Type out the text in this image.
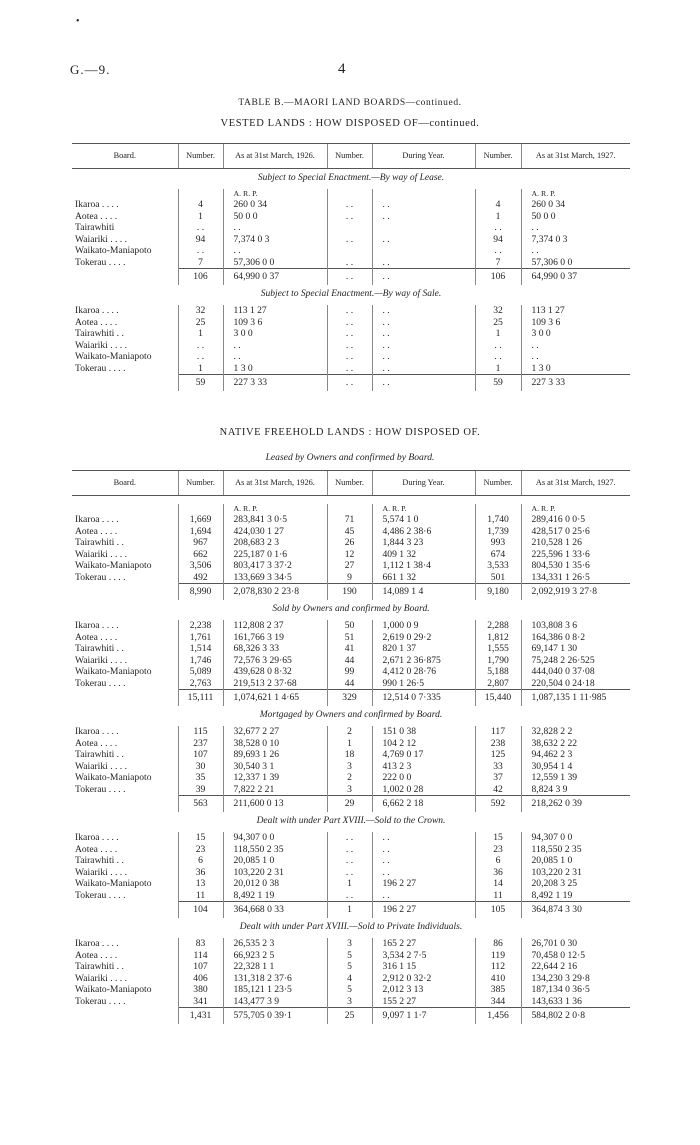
•
G.—9.	4
TABLE B.—MAORI LAND BOARDS—continued.
VESTED LANDS : HOW DISPOSED OF—continued.
Board.	Number.	As at 31st March, 1926.	Number.	During Year.	Number.	As at 31st March, 1927.
Subject to Special Enactment.—By way of Lease.						
		A. R. P.				A. R. P.
Ikaroa . . . .	4	260 0 34	. .	. .	4	260 0 34
Aotea . . . .	1	50 0 0	. .	. .	1	50 0 0
Tairawhiti	. .	. .			. .	. .
Waiariki . . . .	94	7,374 0 3	. .	. .	94	7,374 0 3
Waikato-Maniapoto	. .	. .			. .	. .
Tokerau . . . .	7	57,306 0 0	. .	. .	7	57,306 0 0
	106	64,990 0 37	. .	. .	106	64,990 0 37
Subject to Special Enactment.—By way of Sale.						
Ikaroa . . . .	32	113 1 27	. .	. .	32	113 1 27
Aotea . . . .	25	109 3 6	. .	. .	25	109 3 6
Tairawhiti . .	1	3 0 0	. .	. .	1	3 0 0
Waiariki . . . .	. .	. .	. .	. .	. .	. .
Waikato-Maniapoto	. .	. .	. .	. .	. .	. .
Tokerau . . . .	1	1 3 0	. .	. .	1	1 3 0
	59	227 3 33	. .	. .	59	227 3 33
NATIVE FREEHOLD LANDS : HOW DISPOSED OF.
Leased by Owners and confirmed by Board.
Board.	Number.	As at 31st March, 1926.	Number.	During Year.	Number.	As at 31st March, 1927.

		A. R. P.		A. R. P.		A. R. P.
Ikaroa . . . .	1,669	283,841 3 0·5	71	5,574 1 0	1,740	289,416 0 0·5
Aotea . . . .	1,694	424,030 1 27	45	4,486 2 38·6	1,739	428,517 0 25·6
Tairawhiti . .	967	208,683 2 3	26	1,844 3 23	993	210,528 1 26
Waiariki . . . .	662	225,187 0 1·6	12	409 1 32	674	225,596 1 33·6
Waikato-Maniapoto	3,506	803,417 3 37·2	27	1,112 1 38·4	3,533	804,530 1 35·6
Tokerau . . . .	492	133,669 3 34·5	9	661 1 32	501	134,331 1 26·5
	8,990	2,078,830 2 23·8	190	14,089 1 4	9,180	2,092,919 3 27·8
Sold by Owners and confirmed by Board.						
Ikaroa . . . .	2,238	112,808 2 37	50	1,000 0 9	2,288	103,808 3 6
Aotea . . . .	1,761	161,766 3 19	51	2,619 0 29·2	1,812	164,386 0 8·2
Tairawhiti . .	1,514	68,326 3 33	41	820 1 37	1,555	69,147 1 30
Waiariki . . . .	1,746	72,576 3 29·65	44	2,671 2 36·875	1,790	75,248 2 26·525
Waikato-Maniapoto	5,089	439,628 0 8·32	99	4,412 0 28·76	5,188	444,040 0 37·08
Tokerau . . . .	2,763	219,513 2 37·68	44	990 1 26·5	2,807	220,504 0 24·18
	15,111	1,074,621 1 4·65	329	12,514 0 7·335	15,440	1,087,135 1 11·985
Mortgaged by Owners and confirmed by Board.						
Ikaroa . . . .	115	32,677 2 27	2	151 0 38	117	32,828 2 2
Aotea . . . .	237	38,528 0 10	1	104 2 12	238	38,632 2 22
Tairawhiti . .	107	89,693 1 26	18	4,769 0 17	125	94,462 2 3
Waiariki . . . .	30	30,540 3 1	3	413 2 3	33	30,954 1 4
Waikato-Maniapoto	35	12,337 1 39	2	222 0 0	37	12,559 1 39
Tokerau . . . .	39	7,822 2 21	3	1,002 0 28	42	8,824 3 9
	563	211,600 0 13	29	6,662 2 18	592	218,262 0 39
Dealt with under Part XVIII.—Sold to the Crown.						
Ikaroa . . . .	15	94,307 0 0	. .	. .	15	94,307 0 0
Aotea . . . .	23	118,550 2 35	. .	. .	23	118,550 2 35
Tairawhiti . .	6	20,085 1 0	. .	. .	6	20,085 1 0
Waiariki . . . .	36	103,220 2 31	. .	. .	36	103,220 2 31
Waikato-Maniapoto	13	20,012 0 38	1	196 2 27	14	20,208 3 25
Tokerau . . . .	11	8,492 1 19	. .	. .	11	8,492 1 19
	104	364,668 0 33	1	196 2 27	105	364,874 3 30
Dealt with under Part XVIII.—Sold to Private Individuals.						
Ikaroa . . . .	83	26,535 2 3	3	165 2 27	86	26,701 0 30
Aotea . . . .	114	66,923 2 5	5	3,534 2 7·5	119	70,458 0 12·5
Tairawhiti . .	107	22,328 1 1	5	316 1 15	112	22,644 2 16
Waiariki . . . .	406	131,318 2 37·6	4	2,912 0 32·2	410	134,230 3 29·8
Waikato-Maniapoto	380	185,121 1 23·5	5	2,012 3 13	385	187,134 0 36·5
Tokerau . . . .	341	143,477 3 9	3	155 2 27	344	143,633 1 36
	1,431	575,705 0 39·1	25	9,097 1 1·7	1,456	584,802 2 0·8
